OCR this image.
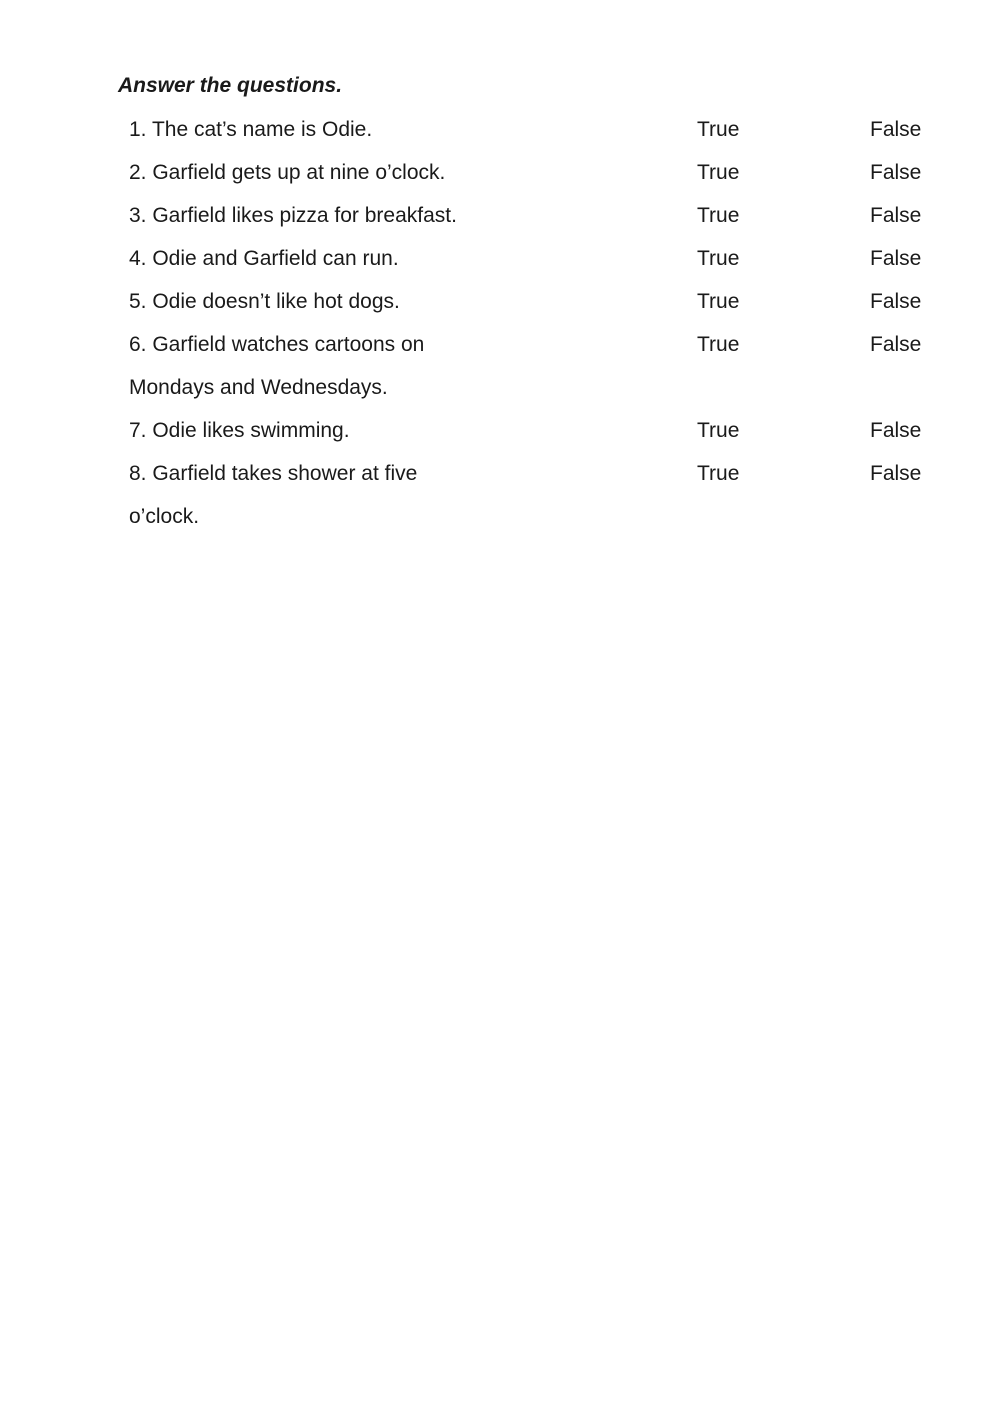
Answer the questions.
1. The cat’s name is Odie.	True	False
2. Garfield gets up at nine o’clock.	True	False
3. Garfield likes pizza for breakfast.	True	False
4. Odie and Garfield can run.	True	False
5. Odie doesn’t like hot dogs.	True	False
6. Garfield watches cartoons on	True	False
Mondays and Wednesdays.
7. Odie likes swimming.	True	False
8. Garfield takes shower at five	True	False
o’clock.
